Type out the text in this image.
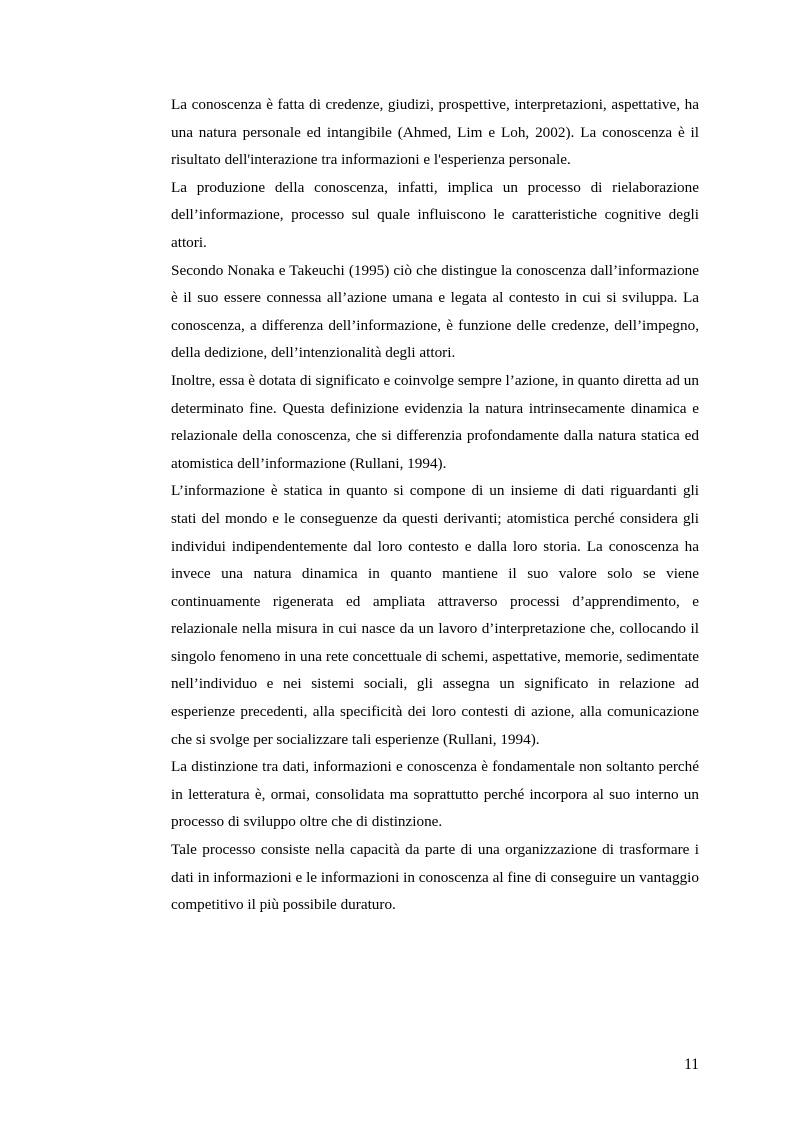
La conoscenza è fatta di credenze, giudizi, prospettive, interpretazioni, aspettative, ha una natura personale ed intangibile (Ahmed, Lim e Loh, 2002). La conoscenza è il risultato dell'interazione tra informazioni e l'esperienza personale.

La produzione della conoscenza, infatti, implica un processo di rielaborazione dell’informazione, processo sul quale influiscono le caratteristiche cognitive degli attori.

Secondo Nonaka e Takeuchi (1995) ciò che distingue la conoscenza dall’informazione è il suo essere connessa all’azione umana e legata al contesto in cui si sviluppa. La conoscenza, a differenza dell’informazione, è funzione delle credenze, dell’impegno, della dedizione, dell’intenzionalità degli attori.

Inoltre, essa è dotata di significato e coinvolge sempre l’azione, in quanto diretta ad un determinato fine. Questa definizione evidenzia la natura intrinsecamente dinamica e relazionale della conoscenza, che si differenzia profondamente dalla natura statica ed atomistica dell’informazione (Rullani, 1994).

L’informazione è statica in quanto si compone di un insieme di dati riguardanti gli stati del mondo e le conseguenze da questi derivanti; atomistica perché considera gli individui indipendentemente dal loro contesto e dalla loro storia. La conoscenza ha invece una natura dinamica in quanto mantiene il suo valore solo se viene continuamente rigenerata ed ampliata attraverso processi d’apprendimento, e relazionale nella misura in cui nasce da un lavoro d’interpretazione che, collocando il singolo fenomeno in una rete concettuale di schemi, aspettative, memorie, sedimentate nell’individuo e nei sistemi sociali, gli assegna un significato in relazione ad esperienze precedenti, alla specificità dei loro contesti di azione, alla comunicazione che si svolge per socializzare tali esperienze (Rullani, 1994).

La distinzione tra dati, informazioni e conoscenza è fondamentale non soltanto perché in letteratura è, ormai, consolidata ma soprattutto perché incorpora al suo interno un processo di sviluppo oltre che di distinzione.

Tale processo consiste nella capacità da parte di una organizzazione di trasformare i dati in informazioni e le informazioni in conoscenza al fine di conseguire un vantaggio competitivo il più possibile duraturo.

11
